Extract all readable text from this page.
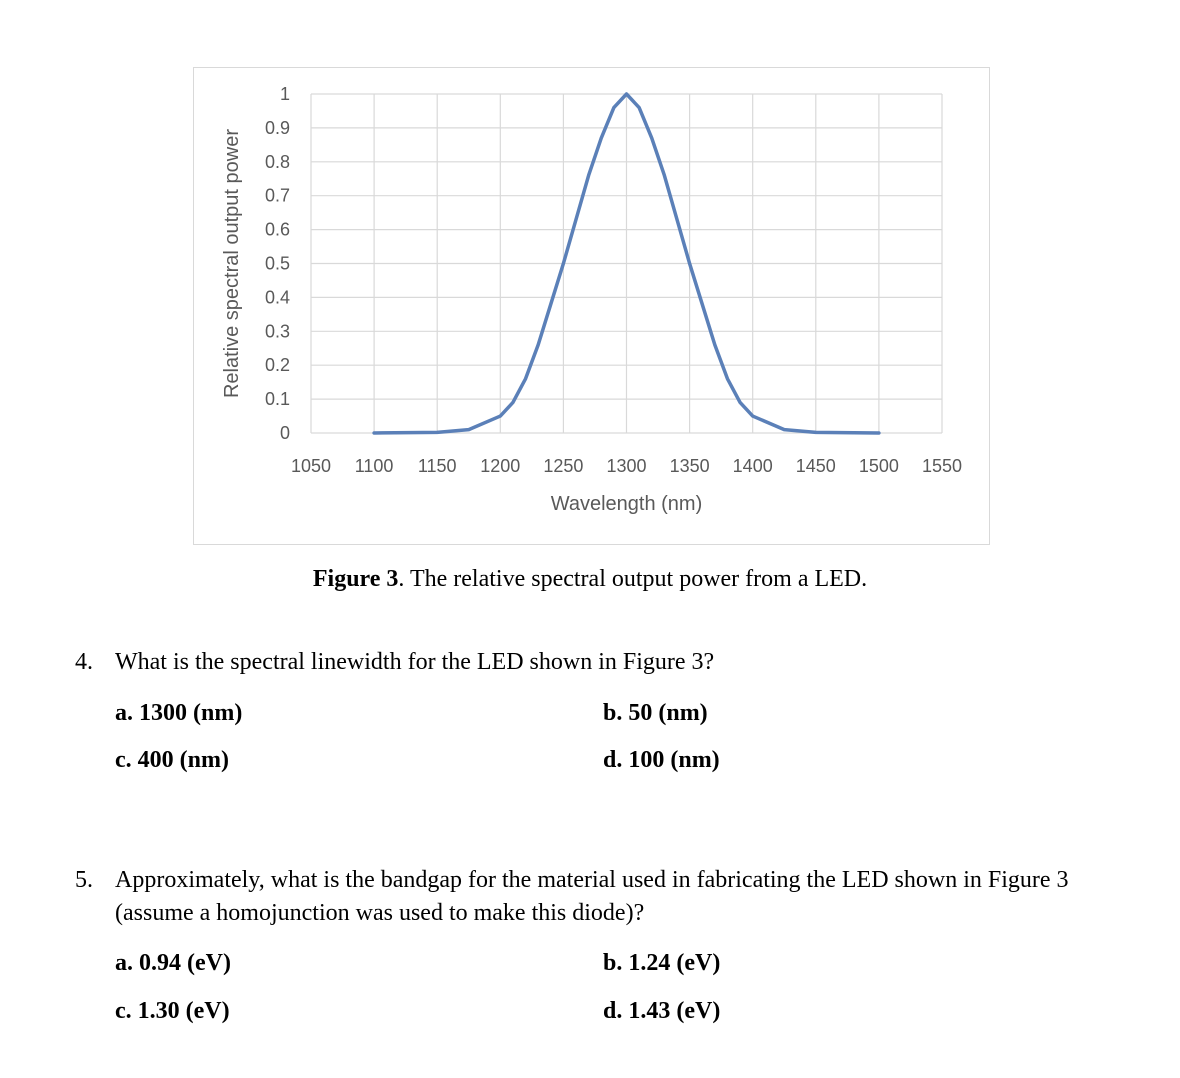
0
0.1
0.2
0.3
0.4
0.5
0.6
0.7
0.8
0.9
1
1050 1100 1150 1200 1250 1300 1350 1400 1450 1500 1550
Wavelength (nm)
Relative spectral output power
Figure 3. The relative spectral output power from a LED.
4. What is the spectral linewidth for the LED shown in Figure 3?
a. 1300 (nm)	b. 50 (nm)
c. 400 (nm)	d. 100 (nm)
5. Approximately, what is the bandgap for the material used in fabricating the LED shown in Figure 3 (assume a homojunction was used to make this diode)?
a. 0.94 (eV)	b. 1.24 (eV)
c. 1.30 (eV)	d. 1.43 (eV)
